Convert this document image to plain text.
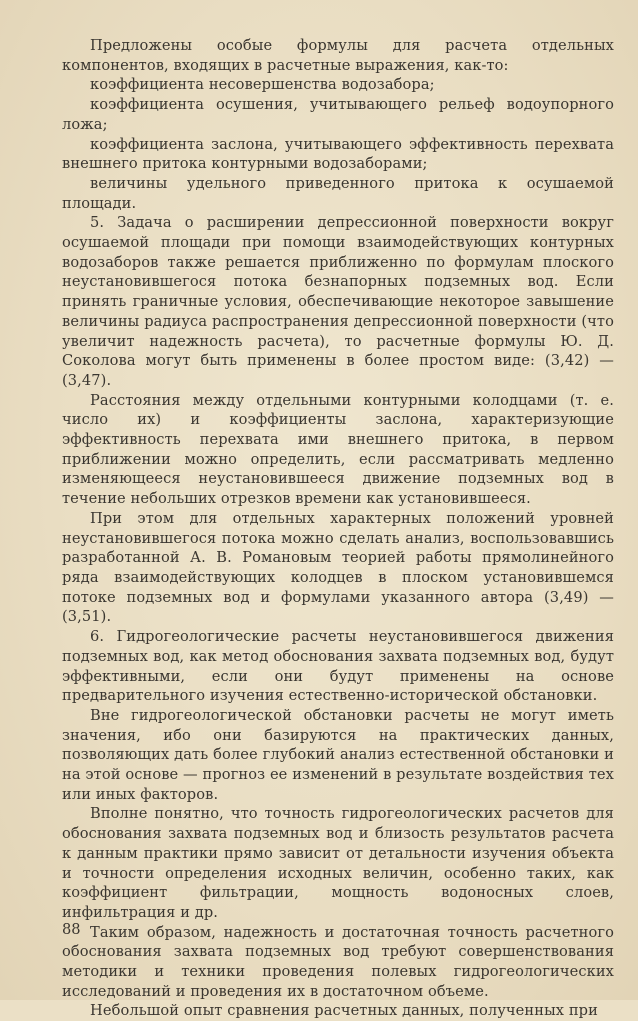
Предложены особые формулы для расчета отдельных компонентов, входящих в расчетные выражения, как-то:

коэффициента несовершенства водозабора;

коэффициента осушения, учитывающего рельеф водоупорного ложа;

коэффициента заслона, учитывающего эффективность перехвата внешнего притока контурными водозаборами;

величины удельного приведенного притока к осушаемой площади.

5. Задача о расширении депрессионной поверхности вокруг осушаемой площади при помощи взаимодействующих контурных водозаборов также решается приближенно по формулам плоского неустановившегося потока безнапорных подземных вод. Если принять граничные условия, обеспечивающие некоторое завышение величины радиуса распространения депрессионной поверхности (что увеличит надежность расчета), то расчетные формулы Ю. Д. Соколова могут быть применены в более простом виде: (3,42) — (3,47).

Расстояния между отдельными контурными колодцами (т. е. число их) и коэффициенты заслона, характеризующие эффективность перехвата ими внешнего притока, в первом приближении можно определить, если рассматривать медленно изменяющееся неустановившееся движение подземных вод в течение небольших отрезков времени как установившееся.

При этом для отдельных характерных положений уровней неустановившегося потока можно сделать анализ, воспользовавшись разработанной А. В. Романовым теорией работы прямолинейного ряда взаимодействующих колодцев в плоском установившемся потоке подземных вод и формулами указанного автора (3,49) — (3,51).

6. Гидрогеологические расчеты неустановившегося движения подземных вод, как метод обоснования захвата подземных вод, будут эффективными, если они будут применены на основе предварительного изучения естественно-исторической обстановки.

Вне гидрогеологической обстановки расчеты не могут иметь значения, ибо они базируются на практических данных, позволяющих дать более глубокий анализ естественной обстановки и на этой основе — прогноз ее изменений в результате воздействия тех или иных факторов.

Вполне понятно, что точность гидрогеологических расчетов для обоснования захвата подземных вод и близость результатов расчета к данным практики прямо зависит от детальности изучения объекта и точности определения исходных величин, особенно таких, как коэффициент фильтрации, мощность водоносных слоев, инфильтрация и др.

Таким образом, надежность и достаточная точность расчетного обоснования захвата подземных вод требуют совершенствования методики и техники проведения полевых гидрогеологических исследований и проведения их в достаточном объеме.

Небольшой опыт сравнения расчетных данных, полученных при

88
